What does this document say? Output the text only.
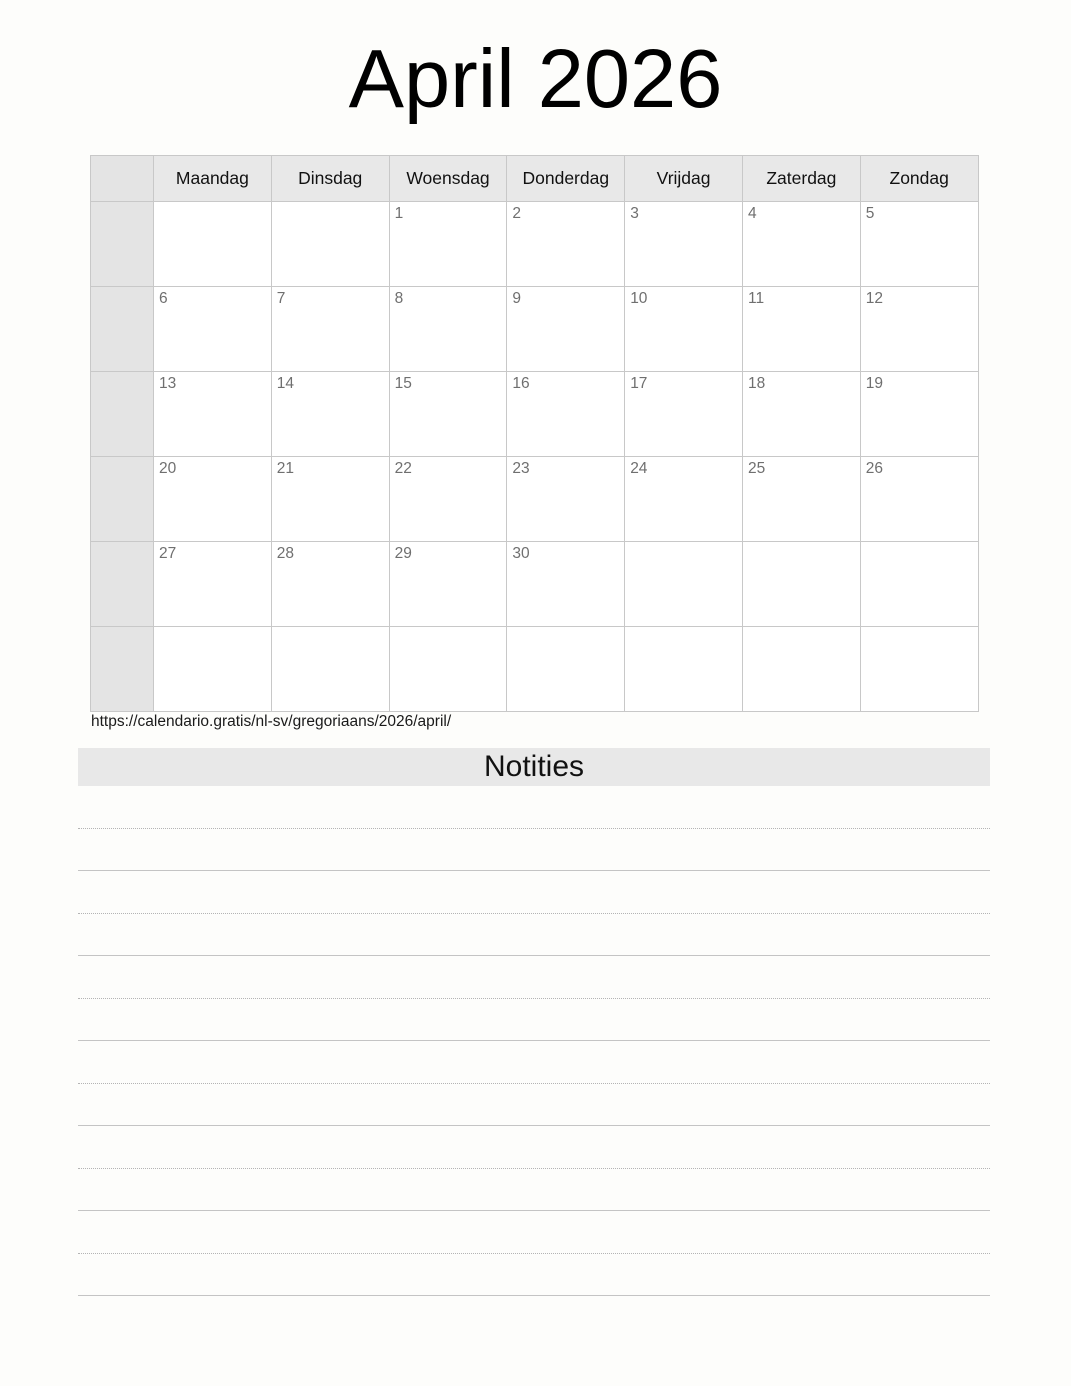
April 2026
	Maandag	Dinsdag	Woensdag	Donderdag	Vrijdag	Zaterdag	Zondag

			1	2	3	4	5

	6	7	8	9	10	11	12

	13	14	15	16	17	18	19

	20	21	22	23	24	25	26

	27	28	29	30			

https://calendario.gratis/nl-sv/gregoriaans/2026/april/
Notities
